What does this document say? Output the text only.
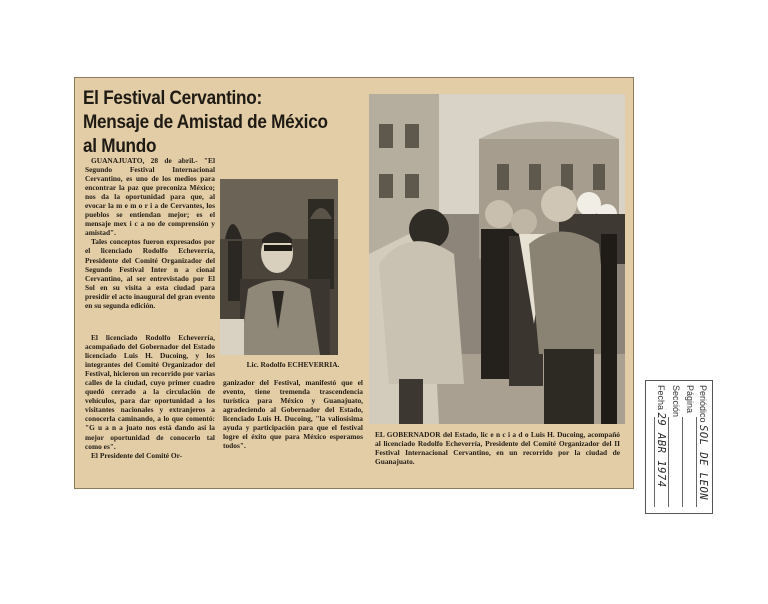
El Festival Cervantino: Mensaje de Amistad de México al Mundo

GUANAJUATO, 28 de abril.- "El Segundo Festival Internacional Cervantino, es uno de los medios para encontrar la paz que preconiza México; nos da la oportunidad para que, al evocar la m e m o r i a de Cervantes, los pueblos se entiendan mejor; es el mensaje mex i c a no de comprensión y amistad".

Tales conceptos fueron expresados por el licenciado Rodolfo Echeverría, Presidente del Comité Organizador del Segundo Festival Inter n a cional Cervantino, al ser entrevistado por El Sol en su visita a esta ciudad para presidir el acto inaugural del gran evento en su segunda edición.

El licenciado Rodolfo Echeverría, acompañado del Gobernador del Estado licenciado Luis H. Ducoing, y los integrantes del Comité Organizador del Festival, hicieron un recorrido por varias calles de la ciudad, cuyo primer cuadro quedó cerrado a la circulación de vehículos, para dar oportunidad a los visitantes nacionales y extranjeros a conocerla caminando, a lo que comentó: "G u a n a juato nos está dando así la mejor oportunidad de conocerlo tal como es".

El Presidente del Comité Or-

Lic. Rodolfo ECHEVERRIA.

ganizador del Festival, manifestó que el evento, tiene tremenda trascendencia turística para México y Guanajuato, agradeciendo al Gobernador del Estado, licenciado Luis H. Ducoing, "la valiosísima ayuda y participación para que el festival logre el éxito que para México esperamos todos".

EL GOBERNADOR del Estado, lic e n c i a d o Luis H. Ducoing, acompañó al licenciado Rodolfo Echeverría, Presidente del Comité Organizador del II Festival Internacional Cervantino, en un recorrido por la ciudad de Guanajuato.

Periódico SOL DE LEON
Página
Sección
Fecha 29 ABR 1974
